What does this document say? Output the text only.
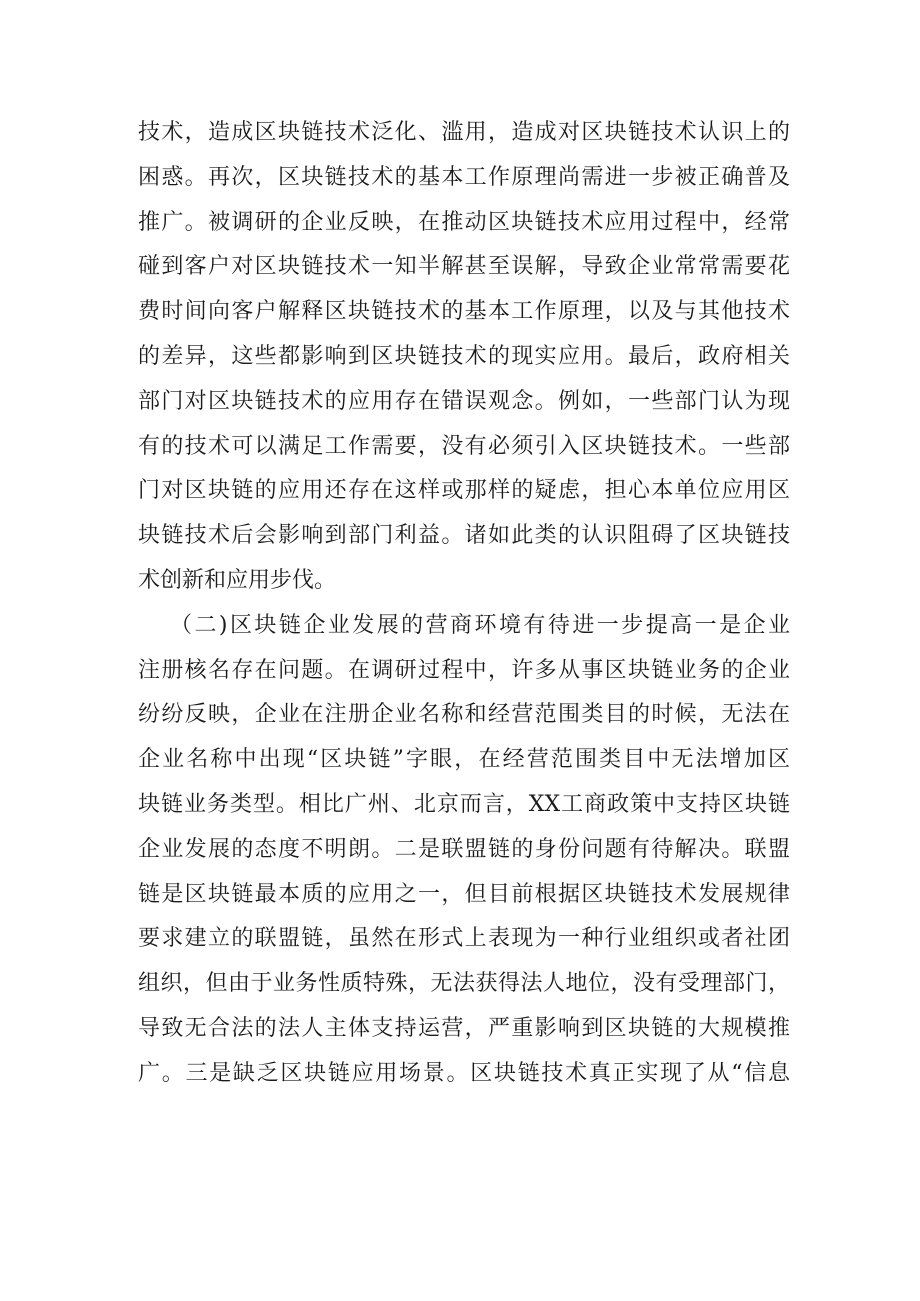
技术，造成区块链技术泛化、滥用，造成对区块链技术认识上的
困惑。再次，区块链技术的基本工作原理尚需进一步被正确普及
推广。被调研的企业反映，在推动区块链技术应用过程中，经常
碰到客户对区块链技术一知半解甚至误解，导致企业常常需要花
费时间向客户解释区块链技术的基本工作原理，以及与其他技术
的差异，这些都影响到区块链技术的现实应用。最后，政府相关
部门对区块链技术的应用存在错误观念。例如，一些部门认为现
有的技术可以满足工作需要，没有必须引入区块链技术。一些部
门对区块链的应用还存在这样或那样的疑虑，担心本单位应用区
块链技术后会影响到部门利益。诸如此类的认识阻碍了区块链技
术创新和应用步伐。
（二)区块链企业发展的营商环境有待进一步提高一是企业
注册核名存在问题。在调研过程中，许多从事区块链业务的企业
纷纷反映，企业在注册企业名称和经营范围类目的时候，无法在
企业名称中出现“区块链”字眼，在经营范围类目中无法增加区
块链业务类型。相比广州、北京而言，XX工商政策中支持区块链
企业发展的态度不明朗。二是联盟链的身份问题有待解决。联盟
链是区块链最本质的应用之一，但目前根据区块链技术发展规律
要求建立的联盟链，虽然在形式上表现为一种行业组织或者社团
组织，但由于业务性质特殊，无法获得法人地位，没有受理部门，
导致无合法的法人主体支持运营，严重影响到区块链的大规模推
广。三是缺乏区块链应用场景。区块链技术真正实现了从“信息
